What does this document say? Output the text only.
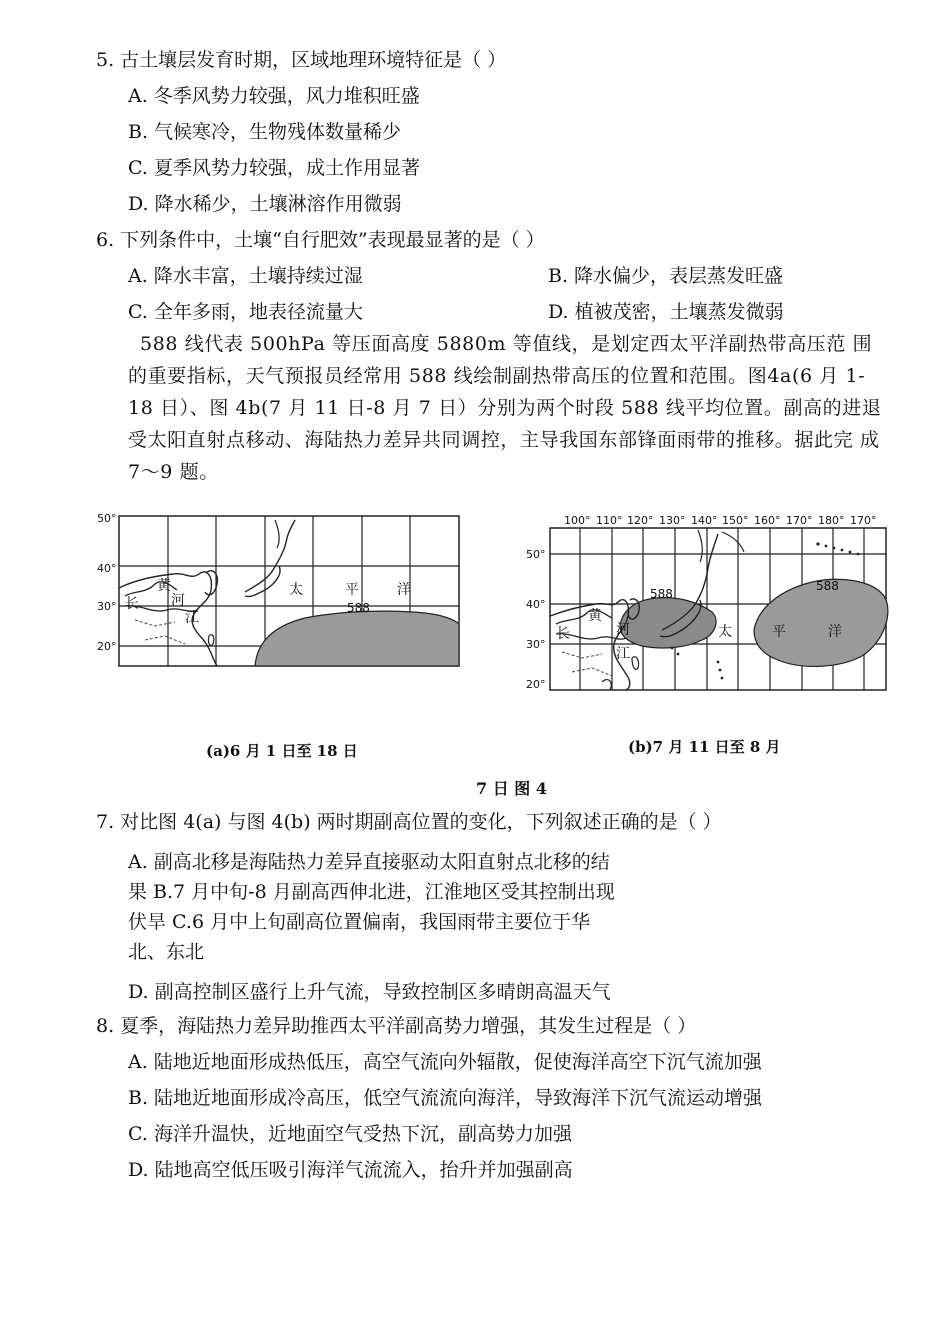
5. 古土壤层发育时期，区域地理环境特征是（ ）
A. 冬季风势力较强，风力堆积旺盛
B. 气候寒冷，生物残体数量稀少
C. 夏季风势力较强，成土作用显著
D. 降水稀少，土壤淋溶作用微弱
6. 下列条件中，土壤“自行肥效”表现最显著的是（ ）
A. 降水丰富，土壤持续过湿	B. 降水偏少，表层蒸发旺盛
C. 全年多雨，地表径流量大	D. 植被茂密，土壤蒸发微弱
588 线代表 500hPa 等压面高度 5880m 等值线，是划定西太平洋副热带高压范 围的重要指标，天气预报员经常用 588 线绘制副热带高压的位置和范围。图4a(6 月 1-18 日）、图 4b(7 月 11 日-8 月 7 日）分别为两个时段 588 线平均位置。副高的进退 受太阳直射点移动、海陆热力差异共同调控，主导我国东部锋面雨带的推移。据此完 成 7～9 题。
50°
40°
30°
20°
黄
河
长
江
太	平	洋
588
(a)6 月 1 日至 18 日
100° 110° 120° 130° 140° 150° 160° 170° 180° 170°
50°
40°
30°
20°
黄
河
长
江
太	平	洋
588
588
(b)7 月 11 日至 8 月
7 日 图 4
7. 对比图 4(a) 与图 4(b) 两时期副高位置的变化，下列叙述正确的是（ ）
A. 副高北移是海陆热力差异直接驱动太阳直射点北移的结
果 B.7 月中旬-8 月副高西伸北进，江淮地区受其控制出现
伏旱 C.6 月中上旬副高位置偏南，我国雨带主要位于华
北、东北
D. 副高控制区盛行上升气流，导致控制区多晴朗高温天气
8. 夏季，海陆热力差异助推西太平洋副高势力增强，其发生过程是（ ）
A. 陆地近地面形成热低压，高空气流向外辐散，促使海洋高空下沉气流加强
B. 陆地近地面形成冷高压，低空气流流向海洋，导致海洋下沉气流运动增强
C. 海洋升温快，近地面空气受热下沉，副高势力加强
D. 陆地高空低压吸引海洋气流流入，抬升并加强副高
